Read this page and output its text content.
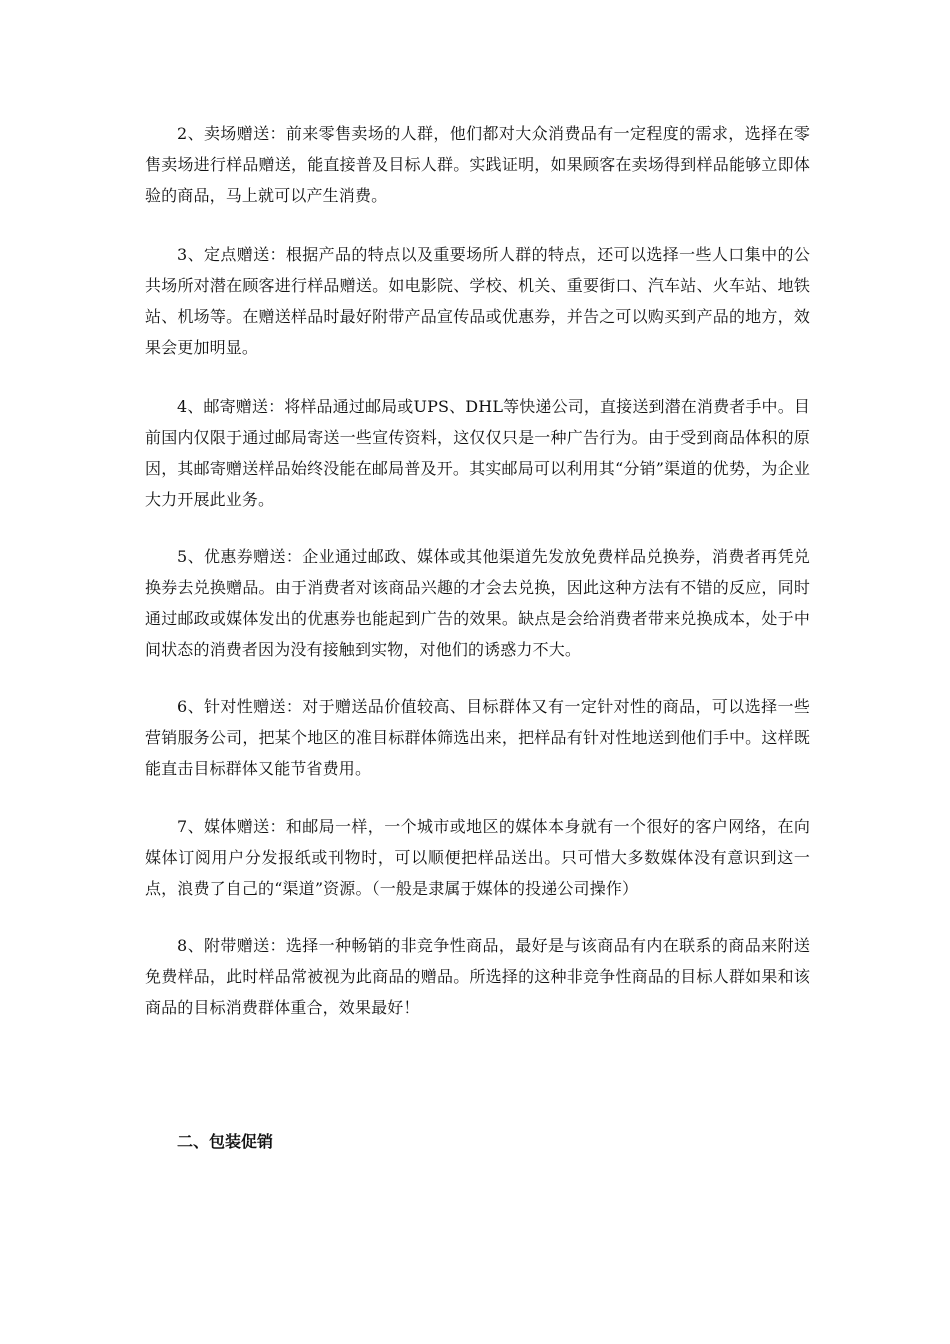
2、卖场赠送：前来零售卖场的人群，他们都对大众消费品有一定程度的需求，选择在零售卖场进行样品赠送，能直接普及目标人群。实践证明，如果顾客在卖场得到样品能够立即体验的商品，马上就可以产生消费。

3、定点赠送：根据产品的特点以及重要场所人群的特点，还可以选择一些人口集中的公共场所对潜在顾客进行样品赠送。如电影院、学校、机关、重要街口、汽车站、火车站、地铁站、机场等。在赠送样品时最好附带产品宣传品或优惠券，并告之可以购买到产品的地方，效果会更加明显。

4、邮寄赠送：将样品通过邮局或UPS、DHL等快递公司，直接送到潜在消费者手中。目前国内仅限于通过邮局寄送一些宣传资料，这仅仅只是一种广告行为。由于受到商品体积的原因，其邮寄赠送样品始终没能在邮局普及开。其实邮局可以利用其“分销”渠道的优势，为企业大力开展此业务。

5、优惠券赠送：企业通过邮政、媒体或其他渠道先发放免费样品兑换券，消费者再凭兑换券去兑换赠品。由于消费者对该商品兴趣的才会去兑换，因此这种方法有不错的反应，同时通过邮政或媒体发出的优惠券也能起到广告的效果。缺点是会给消费者带来兑换成本，处于中间状态的消费者因为没有接触到实物，对他们的诱惑力不大。

6、针对性赠送：对于赠送品价值较高、目标群体又有一定针对性的商品，可以选择一些营销服务公司，把某个地区的准目标群体筛选出来，把样品有针对性地送到他们手中。这样既能直击目标群体又能节省费用。

7、媒体赠送：和邮局一样，一个城市或地区的媒体本身就有一个很好的客户网络，在向媒体订阅用户分发报纸或刊物时，可以顺便把样品送出。只可惜大多数媒体没有意识到这一点，浪费了自己的“渠道”资源。（一般是隶属于媒体的投递公司操作）

8、附带赠送：选择一种畅销的非竞争性商品，最好是与该商品有内在联系的商品来附送免费样品，此时样品常被视为此商品的赠品。所选择的这种非竞争性商品的目标人群如果和该商品的目标消费群体重合，效果最好！

二、包装促销
